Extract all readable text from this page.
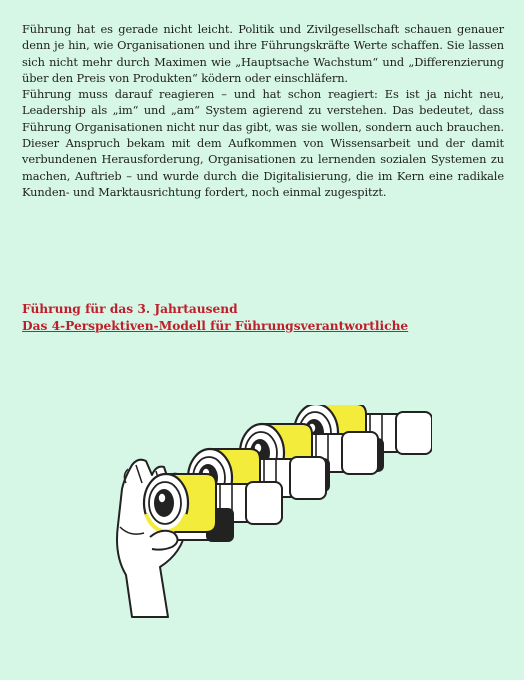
Führung hat es gerade nicht leicht. Politik und Zivilgesellschaft schauen genauer denn je hin, wie Organisationen und ihre Führungskräfte Werte schaffen. Sie lassen sich nicht mehr durch Maximen wie „Hauptsache Wachstum“ und „Differenzierung über den Preis von Produkten“ ködern oder einschläfern.

Führung muss darauf reagieren – und hat schon reagiert: Es ist ja nicht neu, Leadership als „im“ und „am“ System agierend zu verstehen. Das bedeutet, dass Führung Organisationen nicht nur das gibt, was sie wollen, sondern auch brauchen. Dieser Anspruch bekam mit dem Aufkommen von Wissensarbeit und der damit verbundenen Herausforderung, Organisationen zu lernenden sozialen Systemen zu machen, Auftrieb – und wurde durch die Digitalisierung, die im Kern eine radikale Kunden- und Marktausrichtung fordert, noch einmal zugespitzt.

Führung für das 3. Jahrtausend
Das 4-Perspektiven-Modell für Führungsverantwortliche
